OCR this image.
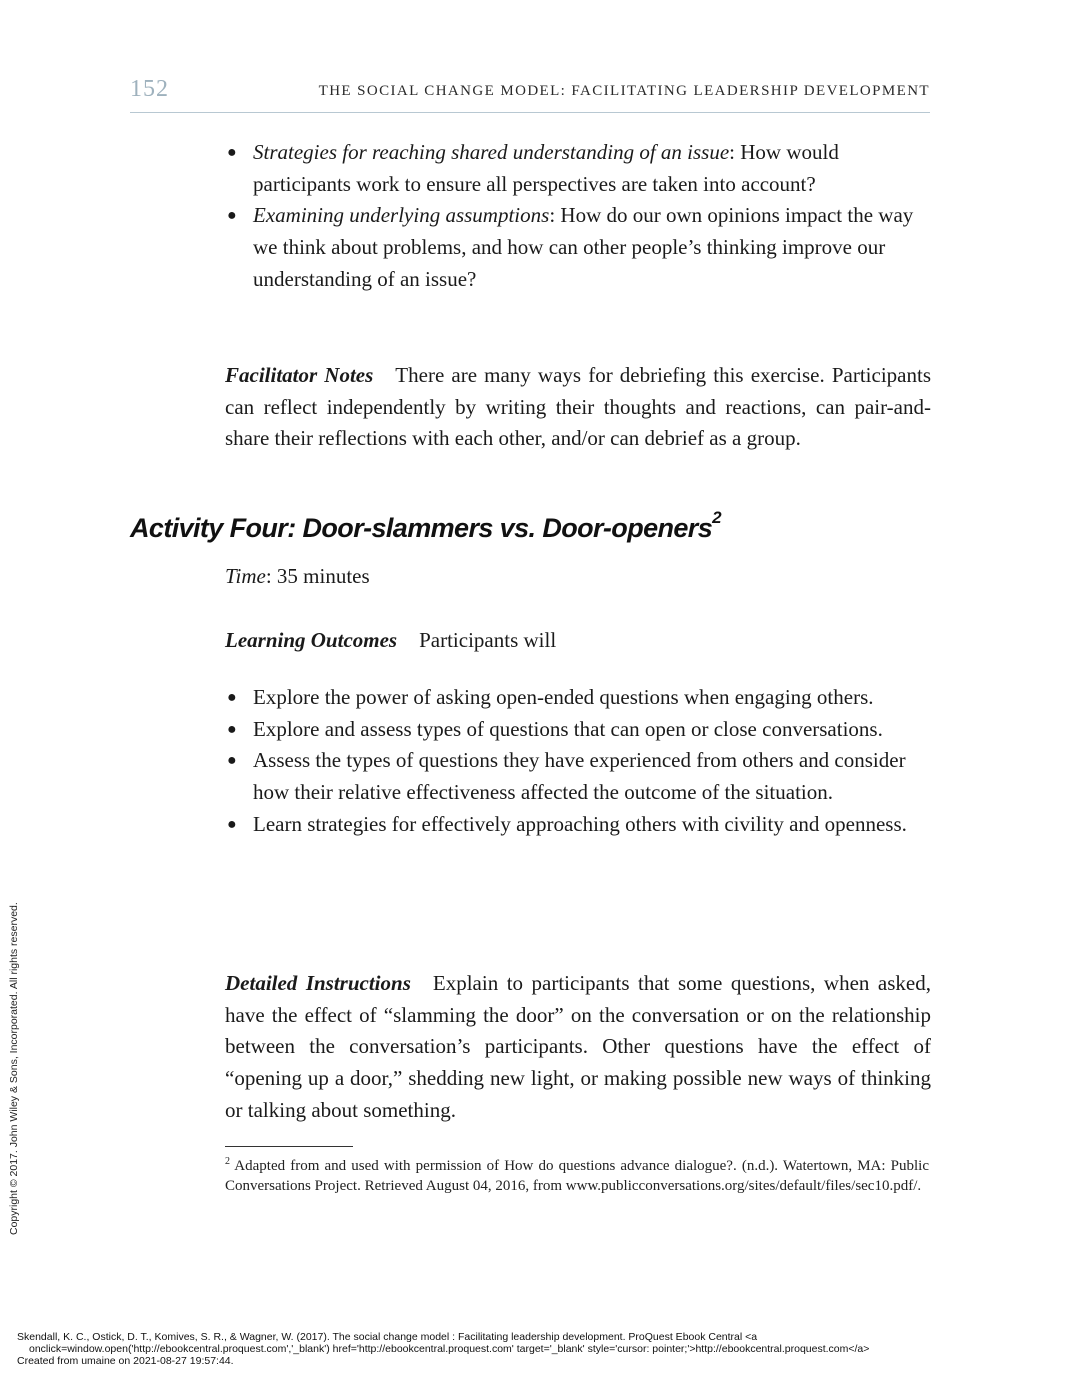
152	THE SOCIAL CHANGE MODEL: FACILITATING LEADERSHIP DEVELOPMENT
● Strategies for reaching shared understanding of an issue: How would participants work to ensure all perspectives are taken into account?
● Examining underlying assumptions: How do our own opinions impact the way we think about problems, and how can other people’s thinking improve our understanding of an issue?

Facilitator Notes There are many ways for debriefing this exercise. Participants can reflect independently by writing their thoughts and reactions, can pair-and-share their reflections with each other, and/or can debrief as a group.

Activity Four: Door-slammers vs. Door-openers$^2$

Time: 35 minutes

Learning Outcomes Participants will

● Explore the power of asking open-ended questions when engaging others.
● Explore and assess types of questions that can open or close conversations.
● Assess the types of questions they have experienced from others and consider how their relative effectiveness affected the outcome of the situation.
● Learn strategies for effectively approaching others with civility and openness.

Detailed Instructions Explain to participants that some questions, when asked, have the effect of “slamming the door” on the conversation or on the relationship between the conversation’s participants. Other questions have the effect of “opening up a door,” shedding new light, or making possible new ways of thinking or talking about something.

$^2$ Adapted from and used with permission of How do questions advance dialogue?. (n.d.). Watertown, MA: Public Conversations Project. Retrieved August 04, 2016, from www.publicconversations.org/sites/default/files/sec10.pdf/.

Copyright © 2017. John Wiley & Sons, Incorporated. All rights reserved.

Skendall, K. C., Ostick, D. T., Komives, S. R., & Wagner, W. (2017). The social change model : Facilitating leadership development. ProQuest Ebook Central <a
onclick=window.open('http://ebookcentral.proquest.com','_blank') href='http://ebookcentral.proquest.com' target='_blank' style='cursor: pointer;'>http://ebookcentral.proquest.com</a>
Created from umaine on 2021-08-27 19:57:44.
